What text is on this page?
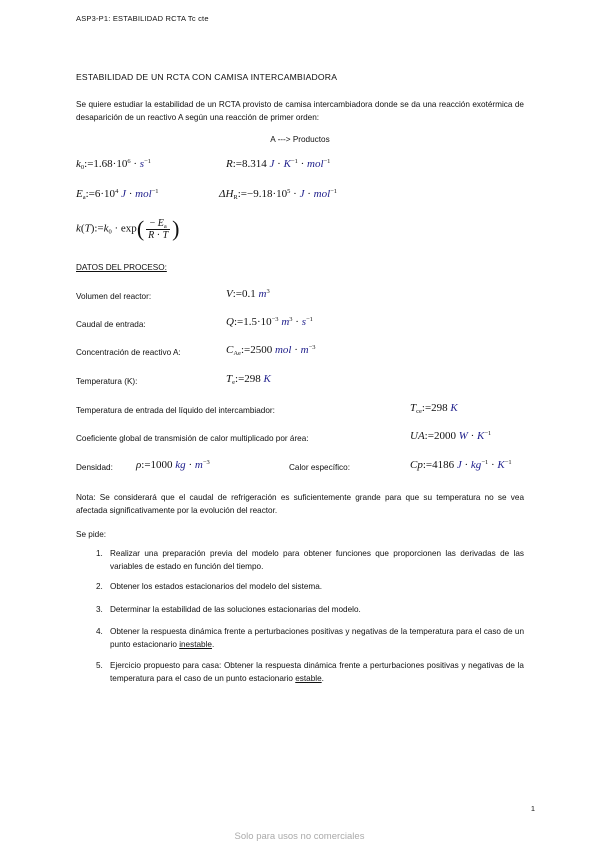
ASP3-P1: ESTABILIDAD RCTA Tc cte
ESTABILIDAD DE UN RCTA CON CAMISA INTERCAMBIADORA
Se quiere estudiar la estabilidad de un RCTA provisto de camisa intercambiadora donde se da una reacción exotérmica de desaparición de un reactivo A según una reacción de primer orden:
A ---> Productos
$k_0:=1.68\cdot 10^6 \cdot s^{-1}$	R:=8.314 $J \cdot K^{-1} \cdot mol^{-1}$
$E_a:=6\cdot 10^4$ J · mol$^{-1}$	$\Delta H_R:=-9.18\cdot 10^5 \cdot J \cdot mol^{-1}$
$k(T):=k_0 \cdot \exp( \frac{- E_a}{R \cdot T}$ )
DATOS DEL PROCESO:
Volumen del reactor:	V:=0.1 $m^3$
Caudal de entrada:	$Q:=1.5\cdot 10^{-3}$ $m^3 \cdot s^{-1}$
Concentración de reactivo A:	$C_{Ae}:=2500$ mol · $m^{-3}$
Temperatura (K):	$T_e:=298$ K
Temperatura de entrada del líquido del intercambiador:	$T_{ce}:=298$ K
Coeficiente global de transmisión de calor multiplicado por área:	UA:=2000 $W \cdot K^{-1}$
Densidad: ρ:=1000 kg · $m^{-3}$
Calor específico:	Cp:=4186 $J \cdot kg^{-1} \cdot K^{-1}$
Nota: Se considerará que el caudal de refrigeración es suficientemente grande para que su temperatura no se vea afectada significativamente por la evolución del reactor.
Se pide:
1. Realizar una preparación previa del modelo para obtener funciones que proporcionen las derivadas de las variables de estado en función del tiempo.
2. Obtener los estados estacionarios del modelo del sistema.
3. Determinar la estabilidad de las soluciones estacionarias del modelo.
4. Obtener la respuesta dinámica frente a perturbaciones positivas y negativas de la temperatura para el caso de un punto estacionario inestable.
5. Ejercicio propuesto para casa: Obtener la respuesta dinámica frente a perturbaciones positivas y negativas de la temperatura para el caso de un punto estacionario estable.
1
Solo para usos no comerciales
